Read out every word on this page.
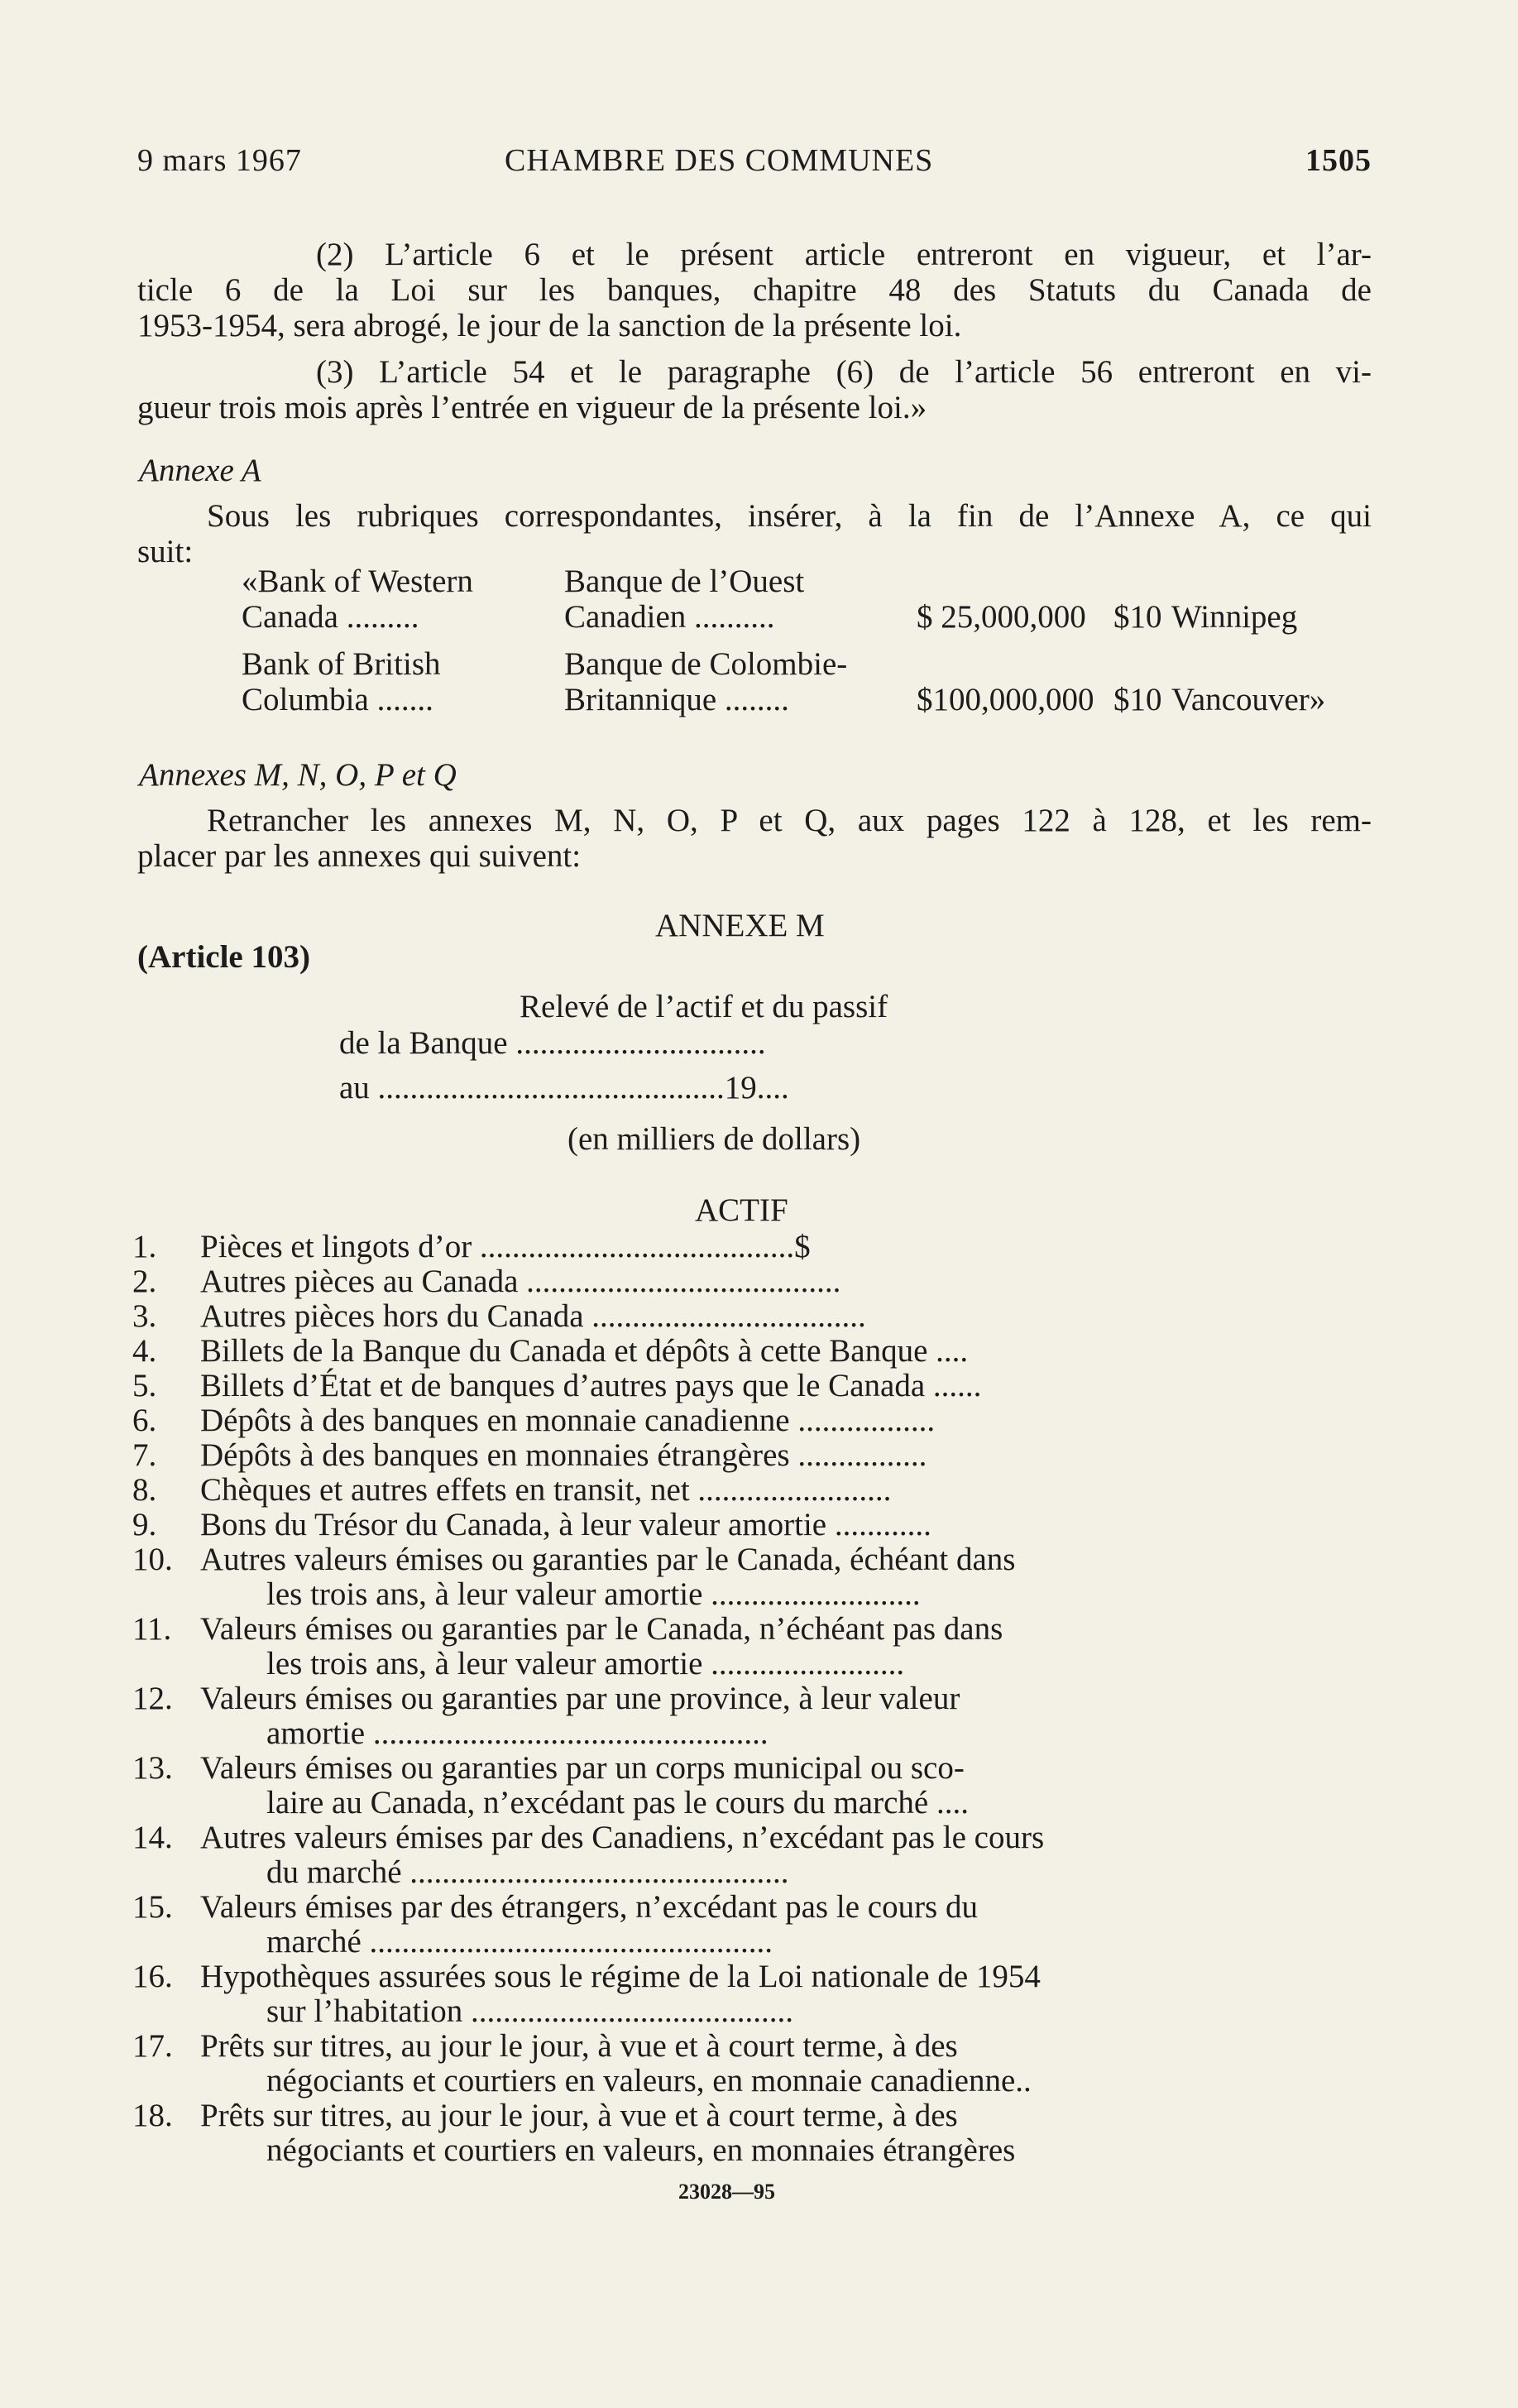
9 mars 1967	CHAMBRE DES COMMUNES	1505
(2) L’article 6 et le présent article entreront en vigueur, et l’ar-
ticle 6 de la Loi sur les banques, chapitre 48 des Statuts du Canada de
1953-1954, sera abrogé, le jour de la sanction de la présente loi.
(3) L’article 54 et le paragraphe (6) de l’article 56 entreront en vi-
gueur trois mois après l’entrée en vigueur de la présente loi.»
Annexe A
Sous les rubriques correspondantes, insérer, à la fin de l’Annexe A, ce qui
suit:
«Bank of Western	Banque de l’Ouest
Canada .........	Canadien ..........	$ 25,000,000 $10 Winnipeg
Bank of British	Banque de Colombie-
Columbia .......	Britannique ........	$100,000,000 $10 Vancouver»
Annexes M, N, O, P et Q
Retrancher les annexes M, N, O, P et Q, aux pages 122 à 128, et les rem-
placer par les annexes qui suivent:
ANNEXE M
(Article 103)
Relevé de l’actif et du passif
de la Banque ...............................
au ...........................................19....
(en milliers de dollars)
ACTIF
1.	Pièces et lingots d’or .......................................$
2.	Autres pièces au Canada .......................................
3.	Autres pièces hors du Canada ..................................
4.	Billets de la Banque du Canada et dépôts à cette Banque ....
5.	Billets d’État et de banques d’autres pays que le Canada ......
6.	Dépôts à des banques en monnaie canadienne .................
7.	Dépôts à des banques en monnaies étrangères ................
8.	Chèques et autres effets en transit, net ........................
9.	Bons du Trésor du Canada, à leur valeur amortie ............
10. Autres valeurs émises ou garanties par le Canada, échéant dans
les trois ans, à leur valeur amortie ..........................
11. Valeurs émises ou garanties par le Canada, n’échéant pas dans
les trois ans, à leur valeur amortie ........................
12. Valeurs émises ou garanties par une province, à leur valeur
amortie .................................................
13. Valeurs émises ou garanties par un corps municipal ou sco-
laire au Canada, n’excédant pas le cours du marché ....
14. Autres valeurs émises par des Canadiens, n’excédant pas le cours
du marché ...............................................
15. Valeurs émises par des étrangers, n’excédant pas le cours du
marché ..................................................
16. Hypothèques assurées sous le régime de la Loi nationale de 1954
sur l’habitation ........................................
17. Prêts sur titres, au jour le jour, à vue et à court terme, à des
négociants et courtiers en valeurs, en monnaie canadienne..
18. Prêts sur titres, au jour le jour, à vue et à court terme, à des
négociants et courtiers en valeurs, en monnaies étrangères
23028—95
